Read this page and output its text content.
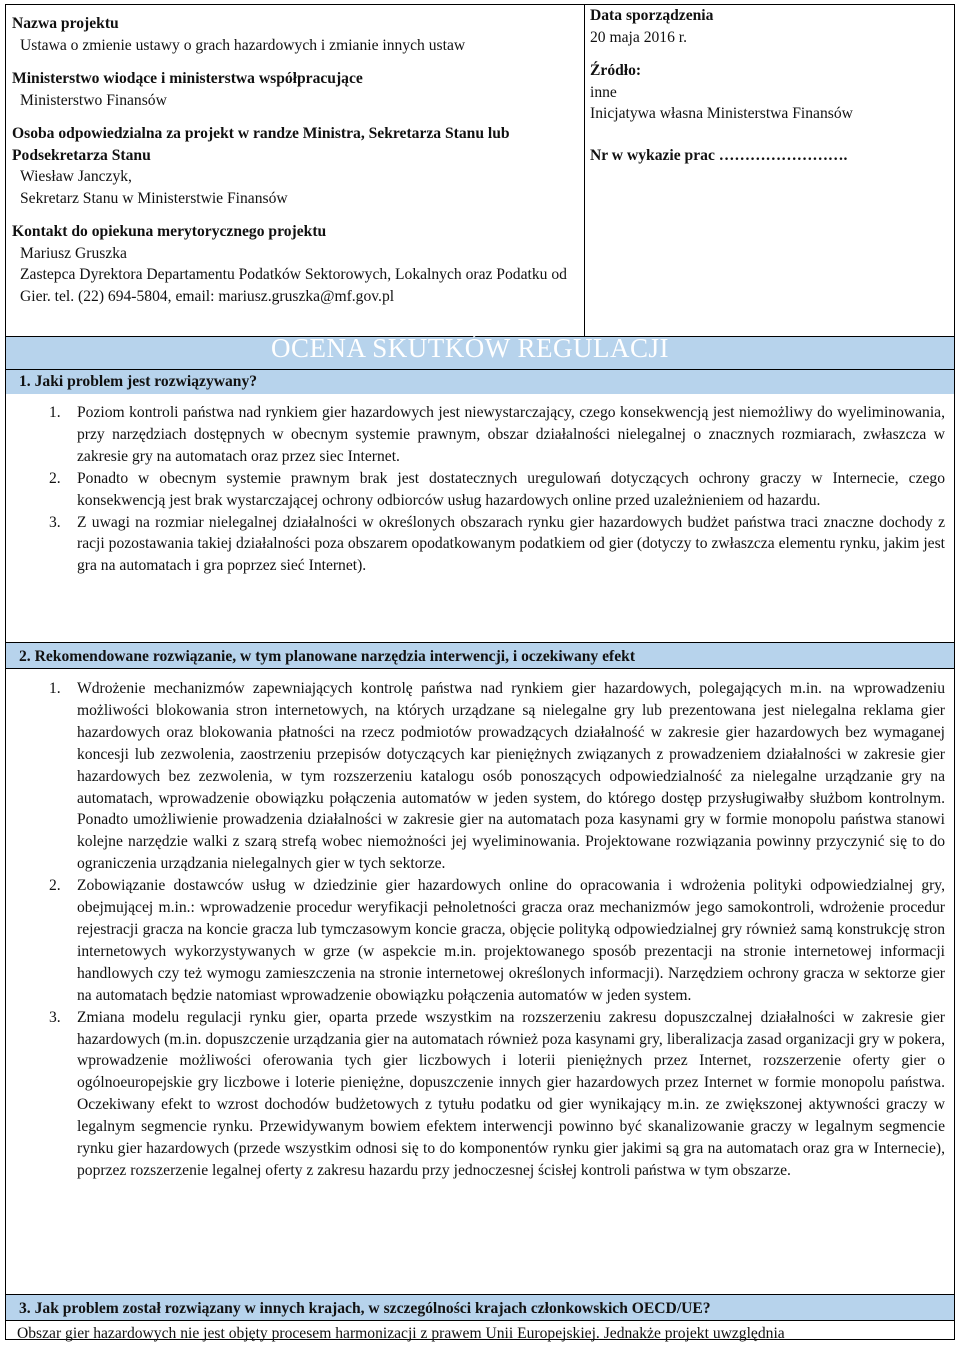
Nazwa projektu
Ustawa o zmienie ustawy o grach hazardowych i zmianie innych ustaw
Ministerstwo wiodące i ministerstwa współpracujące
Ministerstwo Finansów
Osoba odpowiedzialna za projekt w randze Ministra, Sekretarza Stanu lub Podsekretarza Stanu
Wiesław Janczyk,
Sekretarz Stanu w Ministerstwie Finansów
Kontakt do opiekuna merytorycznego projektu
Mariusz Gruszka
Zastepca Dyrektora Departamentu Podatków Sektorowych, Lokalnych oraz Podatku od Gier. tel. (22) 694-5804, email: mariusz.gruszka@mf.gov.pl
Data sporządzenia
20 maja 2016 r.
Źródło:
inne
Inicjatywa własna Ministerstwa Finansów
Nr w wykazie prac …………………….
OCENA SKUTKÓW REGULACJI
1. Jaki problem jest rozwiązywany?
1. Poziom kontroli państwa nad rynkiem gier hazardowych jest niewystarczający, czego konsekwencją jest niemożliwy do wyeliminowania, przy narzędziach dostępnych w obecnym systemie prawnym, obszar działalności nielegalnej o znacznych rozmiarach, zwłaszcza w zakresie gry na automatach oraz przez siec Internet.
2. Ponadto w obecnym systemie prawnym brak jest dostatecznych uregulowań dotyczących ochrony graczy w Internecie, czego konsekwencją jest brak wystarczającej ochrony odbiorców usług hazardowych online przed uzależnieniem od hazardu.
3. Z uwagi na rozmiar nielegalnej działalności w określonych obszarach rynku gier hazardowych budżet państwa traci znaczne dochody z racji pozostawania takiej działalności poza obszarem opodatkowanym podatkiem od gier (dotyczy to zwłaszcza elementu rynku, jakim jest gra na automatach i gra poprzez sieć Internet).
2. Rekomendowane rozwiązanie, w tym planowane narzędzia interwencji, i oczekiwany efekt
1. Wdrożenie mechanizmów zapewniających kontrolę państwa nad rynkiem gier hazardowych, polegających m.in. na wprowadzeniu możliwości blokowania stron internetowych, na których urządzane są nielegalne gry lub prezentowana jest nielegalna reklama gier hazardowych oraz blokowania płatności na rzecz podmiotów prowadzących działalność w zakresie gier hazardowych bez wymaganej koncesji lub zezwolenia, zaostrzeniu przepisów dotyczących kar pieniężnych związanych z prowadzeniem działalności w zakresie gier hazardowych bez zezwolenia, w tym rozszerzeniu katalogu osób ponoszących odpowiedzialność za nielegalne urządzanie gry na automatach, wprowadzenie obowiązku połączenia automatów w jeden system, do którego dostęp przysługiwałby służbom kontrolnym. Ponadto umożliwienie prowadzenia działalności w zakresie gier na automatach poza kasynami gry w formie monopolu państwa stanowi kolejne narzędzie walki z szarą strefą wobec niemożności jej wyeliminowania. Projektowane rozwiązania powinny przyczynić się to do ograniczenia urządzania nielegalnych gier w tych sektorze.
2. Zobowiązanie dostawców usług w dziedzinie gier hazardowych online do opracowania i wdrożenia polityki odpowiedzialnej gry, obejmującej m.in.: wprowadzenie procedur weryfikacji pełnoletności gracza oraz mechanizmów jego samokontroli, wdrożenie procedur rejestracji gracza na koncie gracza lub tymczasowym koncie gracza, objęcie polityką odpowiedzialnej gry również samą konstrukcję stron internetowych wykorzystywanych w grze (w aspekcie m.in. projektowanego sposób prezentacji na stronie internetowej informacji handlowych czy też wymogu zamieszczenia na stronie internetowej określonych informacji). Narzędziem ochrony gracza w sektorze gier na automatach będzie natomiast wprowadzenie obowiązku połączenia automatów w jeden system.
3. Zmiana modelu regulacji rynku gier, oparta przede wszystkim na rozszerzeniu zakresu dopuszczalnej działalności w zakresie gier hazardowych (m.in. dopuszczenie urządzania gier na automatach również poza kasynami gry, liberalizacja zasad organizacji gry w pokera, wprowadzenie możliwości oferowania tych gier liczbowych i loterii pieniężnych przez Internet, rozszerzenie oferty gier o ogólnoeuropejskie gry liczbowe i loterie pieniężne, dopuszczenie innych gier hazardowych przez Internet w formie monopolu państwa. Oczekiwany efekt to wzrost dochodów budżetowych z tytułu podatku od gier wynikający m.in. ze zwiększonej aktywności graczy w legalnym segmencie rynku. Przewidywanym bowiem efektem interwencji powinno być skanalizowanie graczy w legalnym segmencie rynku gier hazardowych (przede wszystkim odnosi się to do komponentów rynku gier jakimi są gra na automatach oraz gra w Internecie), poprzez rozszerzenie legalnej oferty z zakresu hazardu przy jednoczesnej ścisłej kontroli państwa w tym obszarze.
3. Jak problem został rozwiązany w innych krajach, w szczególności krajach członkowskich OECD/UE?
Obszar gier hazardowych nie jest objęty procesem harmonizacji z prawem Unii Europejskiej. Jednakże projekt uwzględnia
